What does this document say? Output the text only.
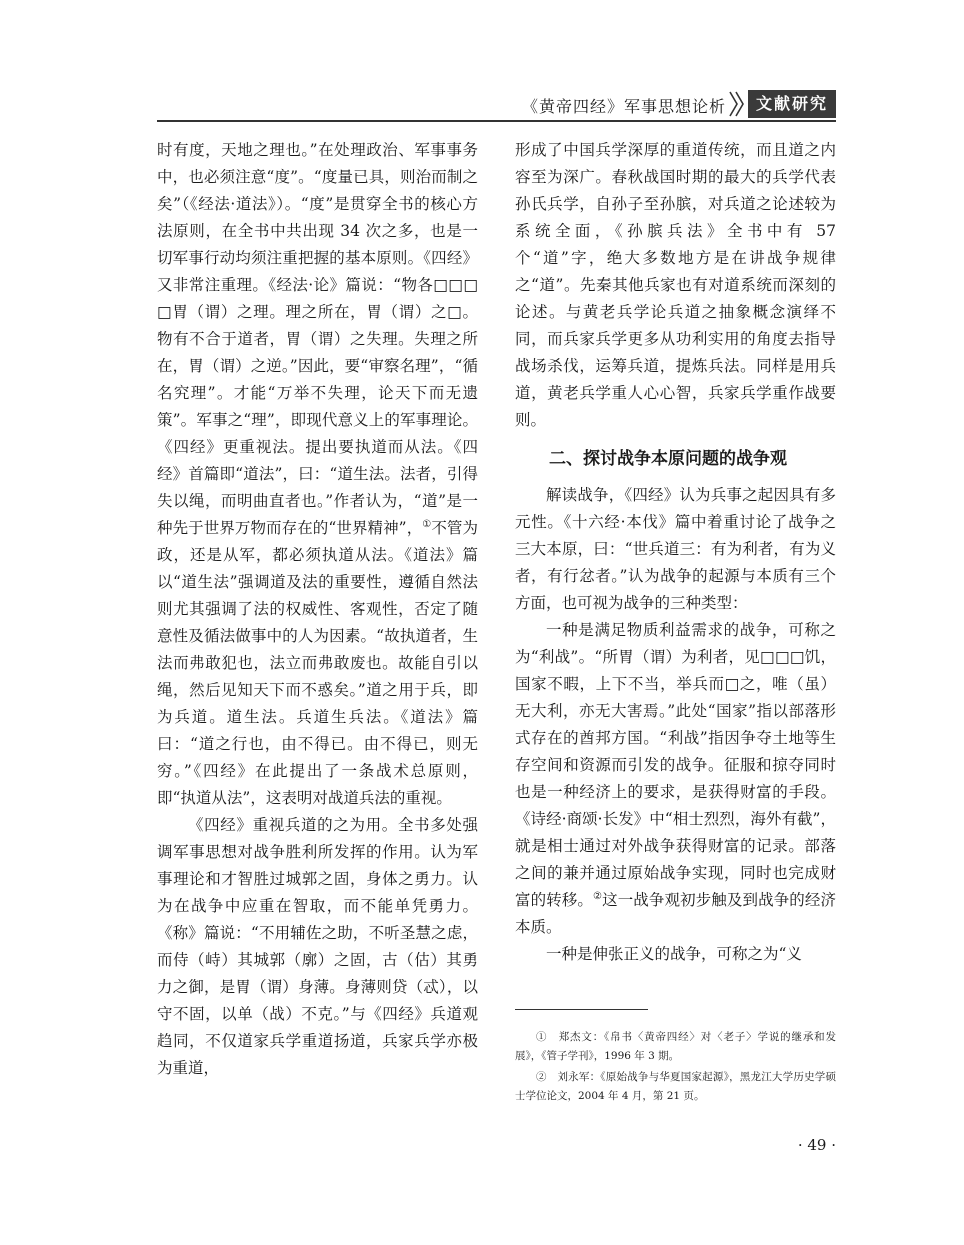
《黄帝四经》军事思想论析	文献研究

时有度，天地之理也。”在处理政治、军事事务中，也必须注意“度”。“度量已具，则治而制之矣”（《经法·道法》）。“度”是贯穿全书的核心方法原则，在全书中共出现 34 次之多，也是一切军事行动均须注重把握的基本原则。《四经》又非常注重理。《经法·论》篇说：“物各□□□□胃（谓）之理。理之所在，胃（谓）之□。物有不合于道者，胃（谓）之失理。失理之所在，胃（谓）之逆。”因此，要“审察名理”，“循名究理”。才能“万举不失理，论天下而无遗策”。军事之“理”，即现代意义上的军事理论。《四经》更重视法。提出要执道而从法。《四经》首篇即“道法”，曰：“道生法。法者，引得失以绳，而明曲直者也。”作者认为，“道”是一种先于世界万物而存在的“世界精神”，①不管为政，还是从军，都必须执道从法。《道法》篇以“道生法”强调道及法的重要性，遵循自然法则尤其强调了法的权威性、客观性，否定了随意性及循法做事中的人为因素。“故执道者，生法而弗敢犯也，法立而弗敢废也。故能自引以绳，然后见知天下而不惑矣。”道之用于兵，即为兵道。道生法。兵道生兵法。《道法》篇曰：“道之行也，由不得已。由不得已，则无穷。”《四经》在此提出了一条战术总原则，即“执道从法”，这表明对战道兵法的重视。

《四经》重视兵道的之为用。全书多处强调军事思想对战争胜利所发挥的作用。认为军事理论和才智胜过城郭之固，身体之勇力。认为在战争中应重在智取，而不能单凭勇力。《称》篇说：“不用辅佐之助，不听圣慧之虑，而侍（峙）其城郭（廓）之固，古（估）其勇力之御，是胃（谓）身薄。身薄则贷（忒），以守不固，以单（战）不克。”与《四经》兵道观趋同，不仅道家兵学重道扬道，兵家兵学亦极为重道，

形成了中国兵学深厚的重道传统，而且道之内容至为深广。春秋战国时期的最大的兵学代表孙氏兵学，自孙子至孙膑，对兵道之论述较为系统全面，《孙膑兵法》全书中有 57 个“道”字，绝大多数地方是在讲战争规律之“道”。先秦其他兵家也有对道系统而深刻的论述。与黄老兵学论兵道之抽象概念演绎不同，而兵家兵学更多从功利实用的角度去指导战场杀伐，运筹兵道，提炼兵法。同样是用兵道，黄老兵学重人心心智，兵家兵学重作战要则。

二、探讨战争本原问题的战争观

解读战争，《四经》认为兵事之起因具有多元性。《十六经·本伐》篇中着重讨论了战争之三大本原，曰：“世兵道三：有为利者，有为义者，有行忿者。”认为战争的起源与本质有三个方面，也可视为战争的三种类型：

一种是满足物质利益需求的战争，可称之为“利战”。“所胃（谓）为利者，见□□□饥，国家不暇，上下不当，举兵而□之，唯（虽）无大利，亦无大害焉。”此处“国家”指以部落形式存在的酋邦方国。“利战”指因争夺土地等生存空间和资源而引发的战争。征服和掠夺同时也是一种经济上的要求，是获得财富的手段。《诗经·商颂·长发》中“相士烈烈，海外有截”，就是相士通过对外战争获得财富的记录。部落之间的兼并通过原始战争实现，同时也完成财富的转移。②这一战争观初步触及到战争的经济本质。

一种是伸张正义的战争，可称之为“义

①　 郑杰文：《帛书〈黄帝四经〉对〈老子〉学说的继承和发展》，《管子学刊》，1996 年 3 期。

②　 刘永军：《原始战争与华夏国家起源》，黑龙江大学历史学硕士学位论文，2004 年 4 月，第 21 页。

· 49 ·
